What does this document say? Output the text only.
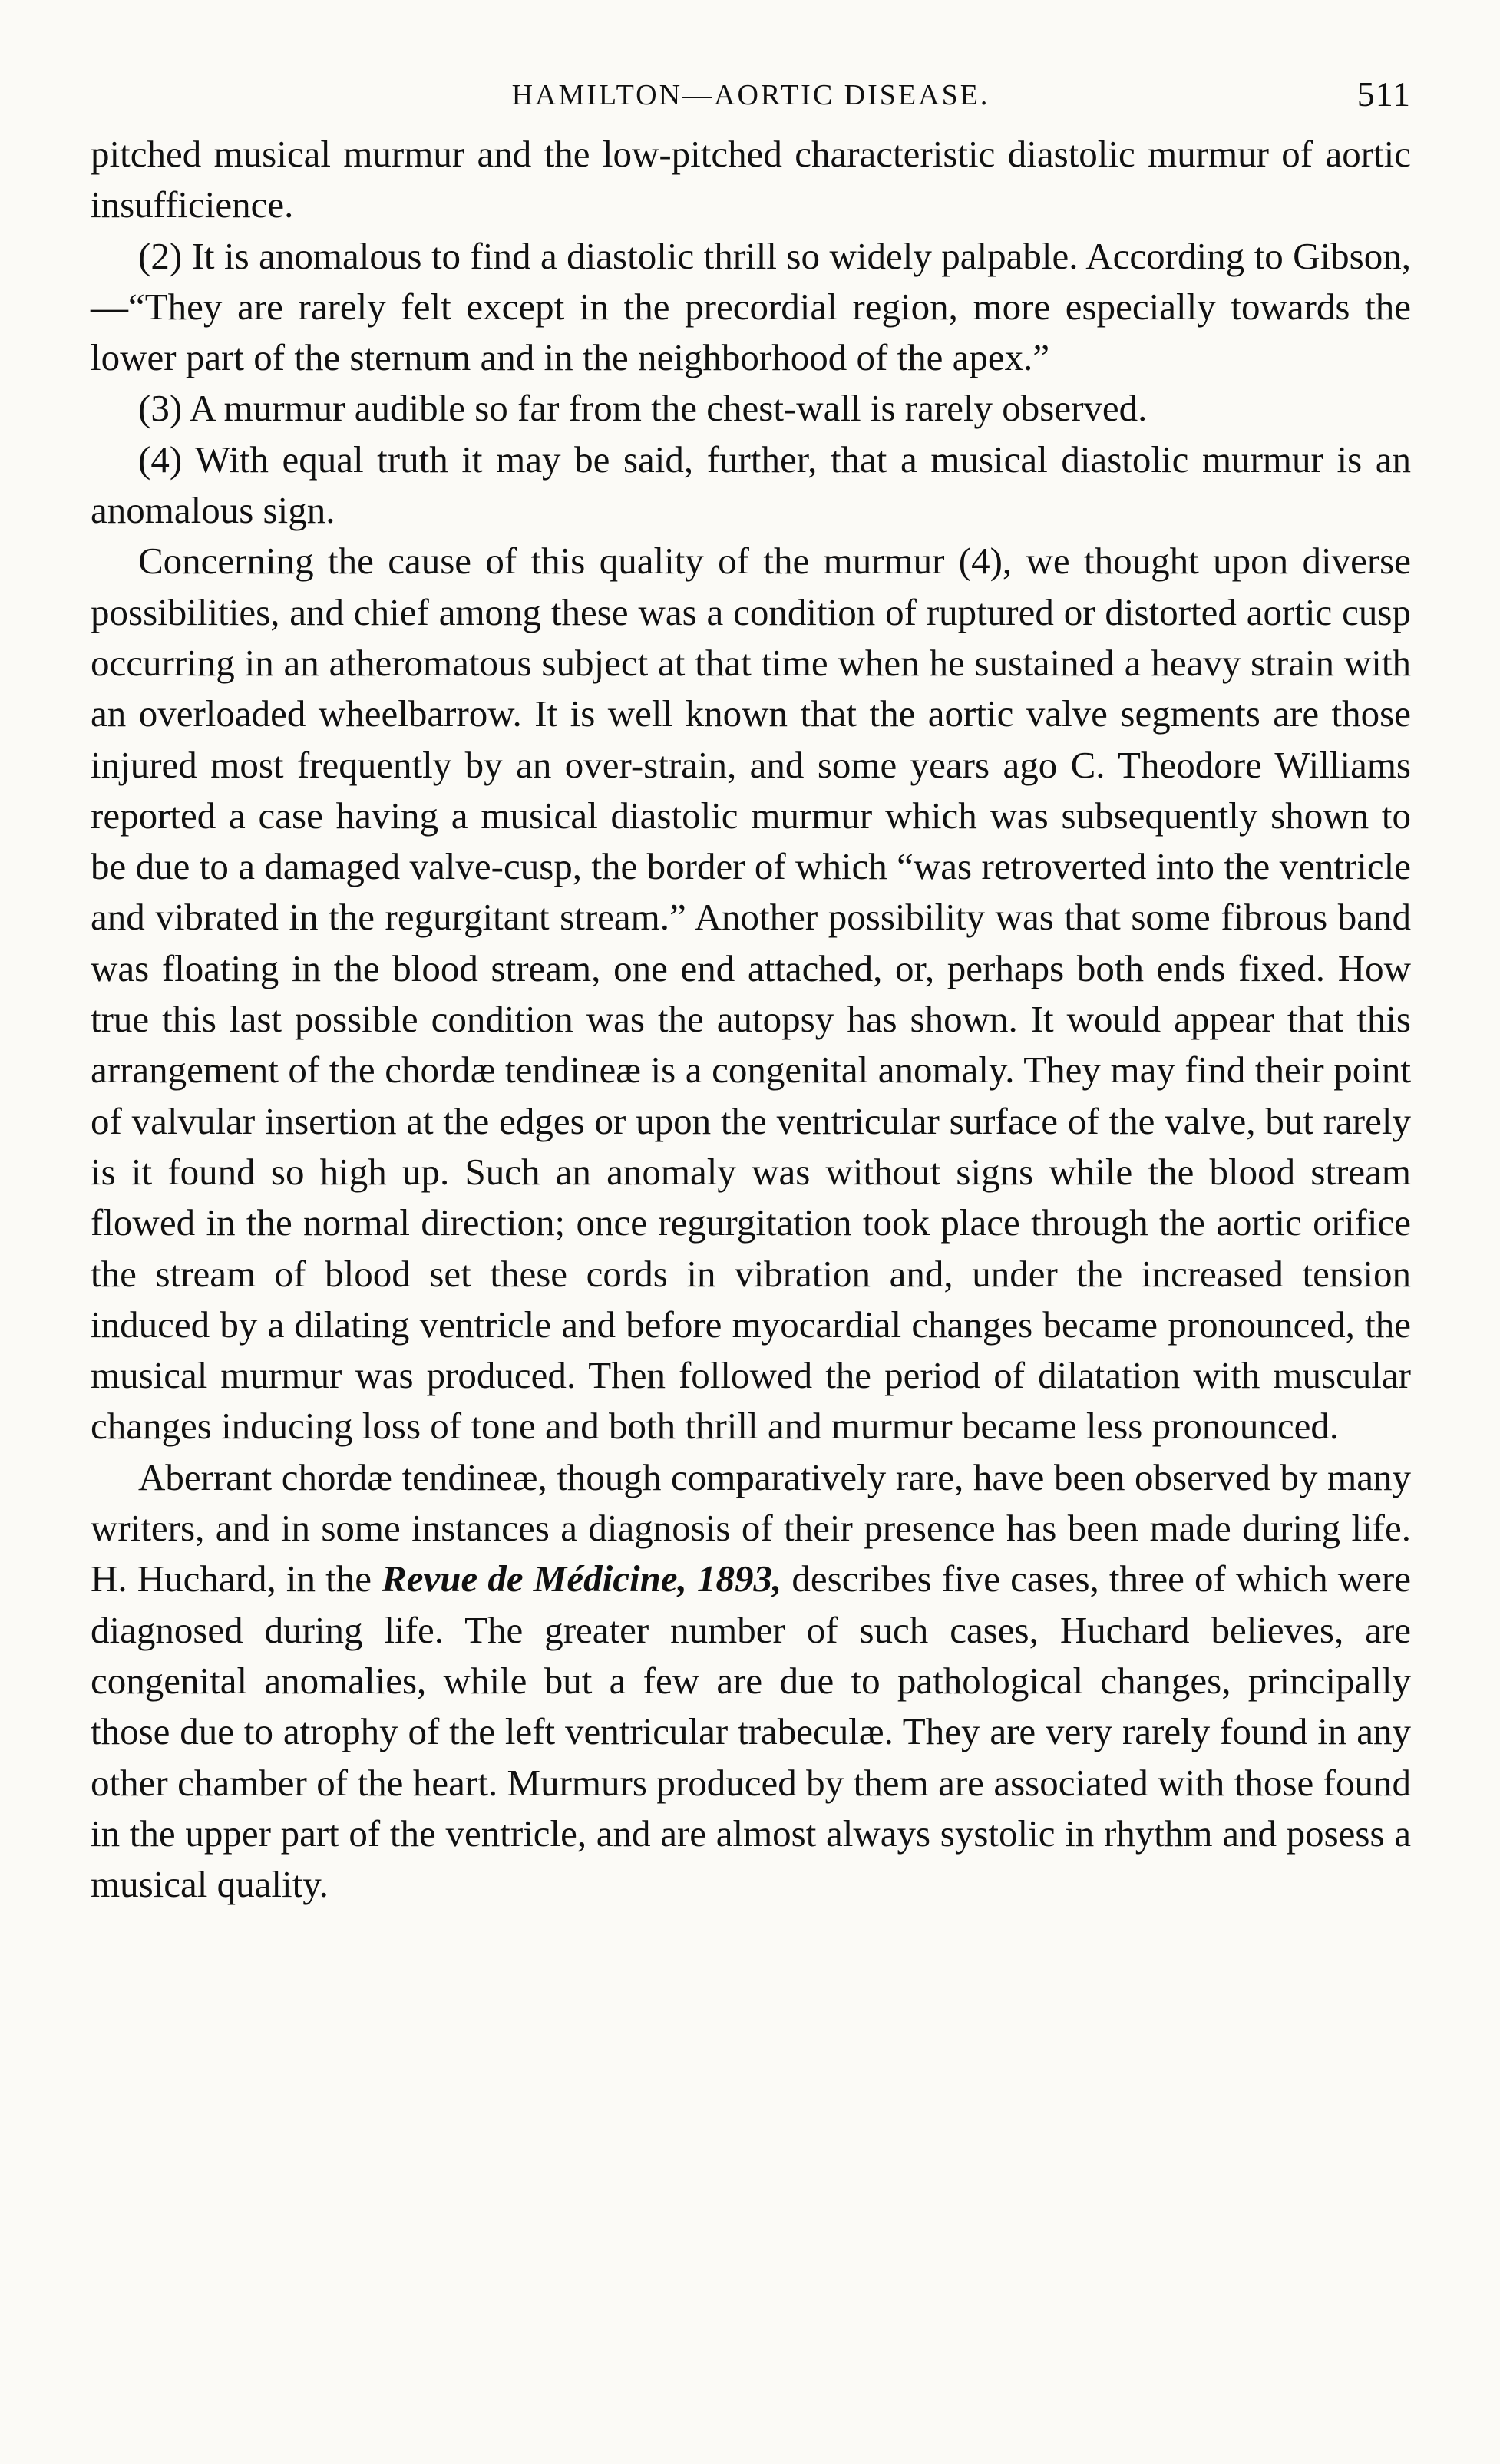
HAMILTON—AORTIC DISEASE.	511

pitched musical murmur and the low-pitched characteristic diastolic murmur of aortic insufficience.

(2) It is anomalous to find a diastolic thrill so widely palpable. According to Gibson,—“They are rarely felt except in the precordial region, more especially towards the lower part of the sternum and in the neighborhood of the apex.”

(3) A murmur audible so far from the chest-wall is rarely observed.

(4) With equal truth it may be said, further, that a musical diastolic murmur is an anomalous sign.

Concerning the cause of this quality of the murmur (4), we thought upon diverse possibilities, and chief among these was a condition of ruptured or distorted aortic cusp occurring in an atheromatous subject at that time when he sustained a heavy strain with an overloaded wheelbarrow. It is well known that the aortic valve segments are those injured most frequently by an over-strain, and some years ago C. Theodore Williams reported a case having a musical diastolic murmur which was subsequently shown to be due to a damaged valve-cusp, the border of which “was retroverted into the ventricle and vibrated in the regurgitant stream.” Another possibility was that some fibrous band was floating in the blood stream, one end attached, or, perhaps both ends fixed. How true this last possible condition was the autopsy has shown. It would appear that this arrangement of the chordæ tendineæ is a congenital anomaly. They may find their point of valvular insertion at the edges or upon the ventricular surface of the valve, but rarely is it found so high up. Such an anomaly was without signs while the blood stream flowed in the normal direction; once regurgitation took place through the aortic orifice the stream of blood set these cords in vibration and, under the increased tension induced by a dilating ventricle and before myocardial changes became pronounced, the musical murmur was produced. Then followed the period of dilatation with muscular changes inducing loss of tone and both thrill and murmur became less pronounced.

Aberrant chordæ tendineæ, though comparatively rare, have been observed by many writers, and in some instances a diagnosis of their presence has been made during life. H. Huchard, in the Revue de Médicine, 1893, describes five cases, three of which were diagnosed during life. The greater number of such cases, Huchard believes, are congenital anomalies, while but a few are due to pathological changes, principally those due to atrophy of the left ventricular trabeculæ. They are very rarely found in any other chamber of the heart. Murmurs produced by them are associated with those found in the upper part of the ventricle, and are almost always systolic in rhythm and posess a musical quality.
